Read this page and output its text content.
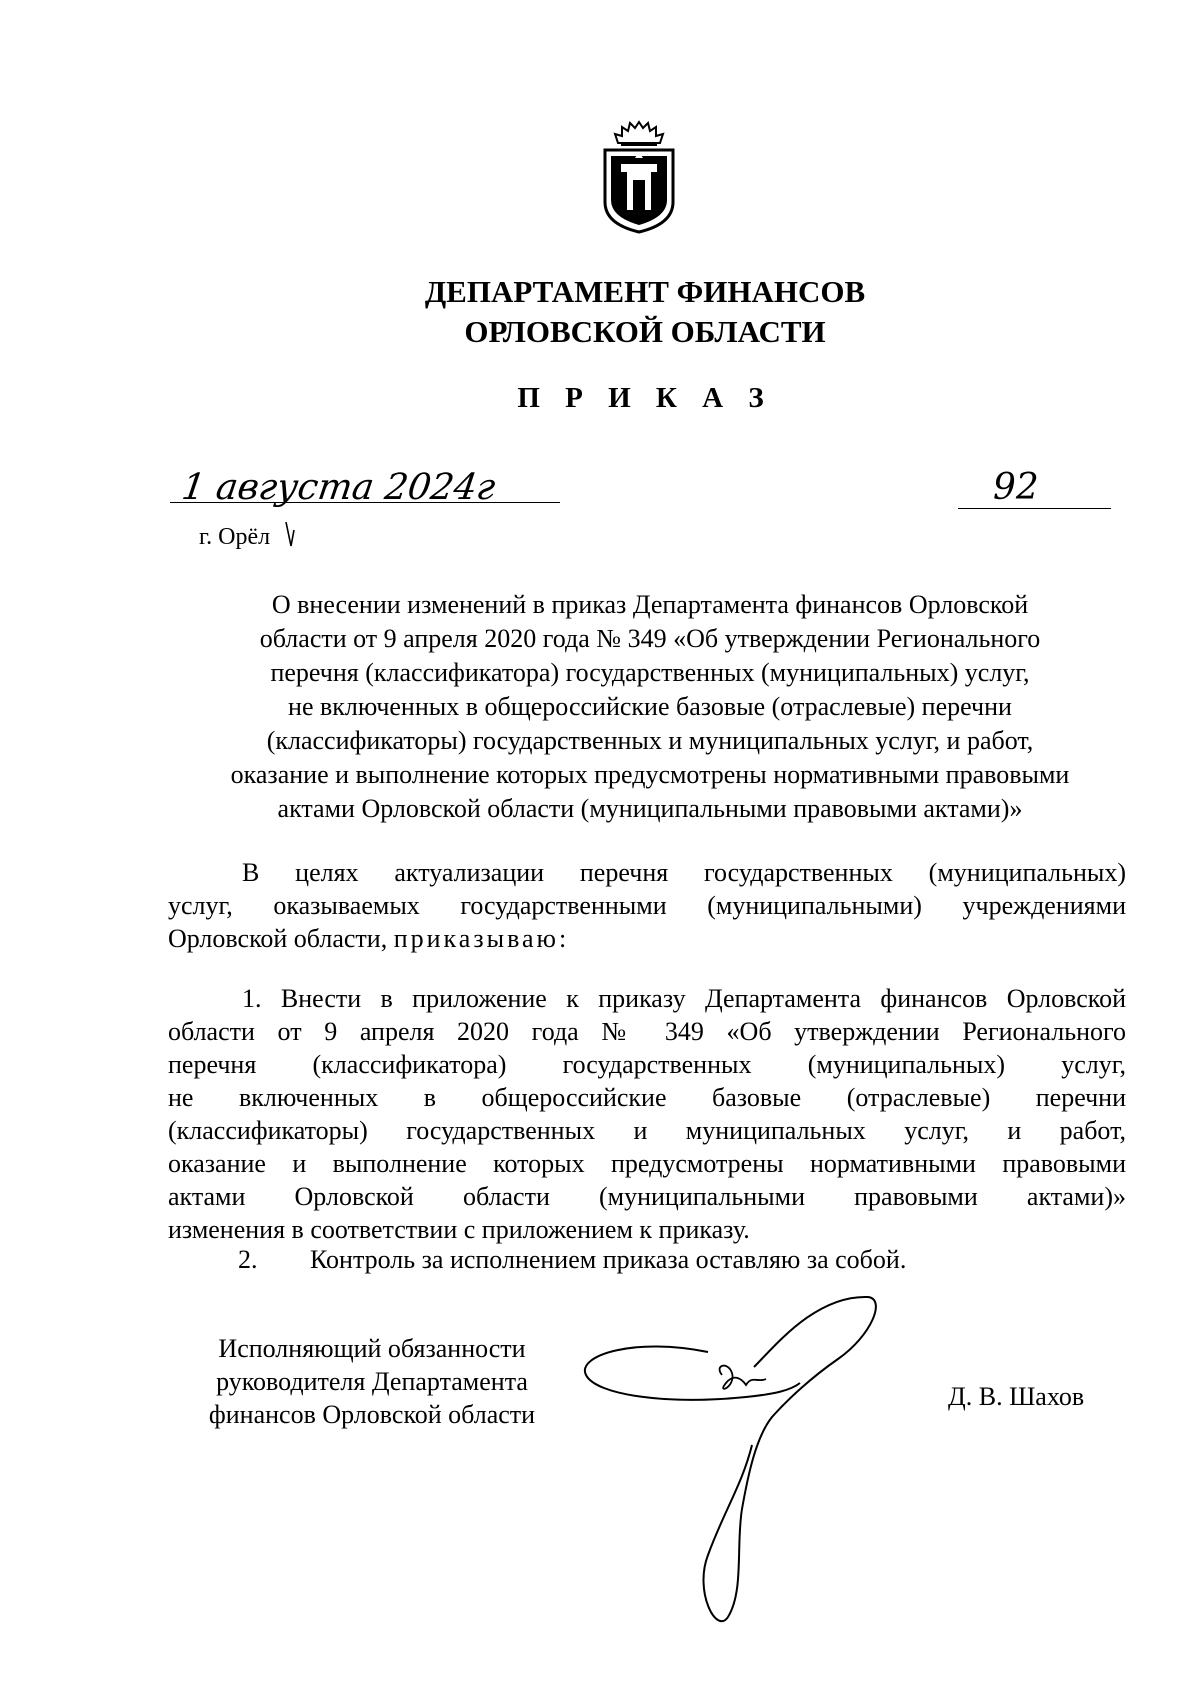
ДЕПАРТАМЕНТ ФИНАНСОВ
ОРЛОВСКОЙ ОБЛАСТИ
П Р И К А З
1 августа 2024г	92
г. Орёл
О внесении изменений в приказ Департамента финансов Орловской
области от 9 апреля 2020 года № 349 «Об утверждении Регионального
перечня (классификатора) государственных (муниципальных) услуг,
не включенных в общероссийские базовые (отраслевые) перечни
(классификаторы) государственных и муниципальных услуг, и работ,
оказание и выполнение которых предусмотрены нормативными правовыми
актами Орловской области (муниципальными правовыми актами)»
В целях актуализации перечня государственных (муниципальных)
услуг, оказываемых государственными (муниципальными) учреждениями
Орловской области, приказываю:
1. Внести в приложение к приказу Департамента финансов Орловской
области от 9 апреля 2020 года № 349 «Об утверждении Регионального
перечня (классификатора) государственных (муниципальных) услуг,
не включенных в общероссийские базовые (отраслевые) перечни
(классификаторы) государственных и муниципальных услуг, и работ,
оказание и выполнение которых предусмотрены нормативными правовыми
актами Орловской области (муниципальными правовыми актами)»
изменения в соответствии с приложением к приказу.
2. Контроль за исполнением приказа оставляю за собой.
Исполняющий обязанности
руководителя Департамента
финансов Орловской области
Д. В. Шахов
